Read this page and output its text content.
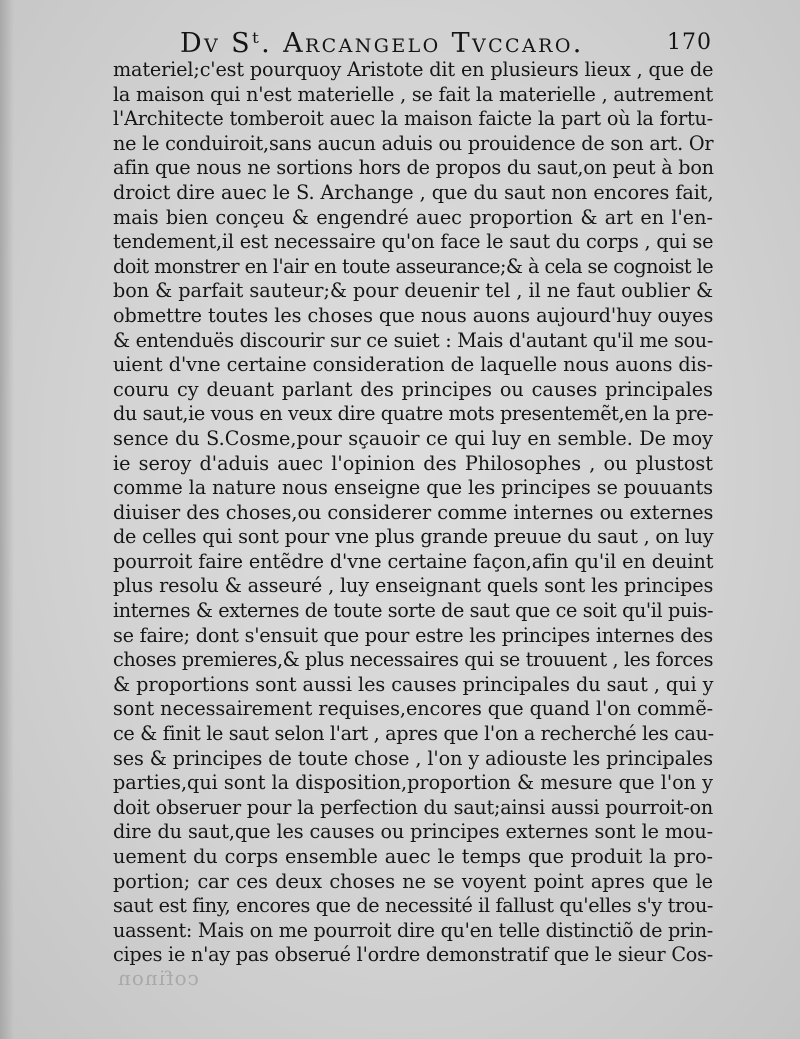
Dv Sᵗ. Arcangelo Tvccaro.	170
materiel;c'est pourquoy Aristote dit en plusieurs lieux , que de
la maison qui n'est materielle , se fait la materielle , autrement
l'Architecte tomberoit auec la maison faicte la part où la fortu-
ne le conduiroit,sans aucun aduis ou prouidence de son art. Or
afin que nous ne sortions hors de propos du saut,on peut à bon
droict dire auec le S. Archange , que du saut non encores fait,
mais bien conçeu & engendré auec proportion & art en l'en-
tendement,il est necessaire qu'on face le saut du corps , qui se
doit monstrer en l'air en toute asseurance;& à cela se cognoist le
bon & parfait sauteur;& pour deuenir tel , il ne faut oublier &
obmettre toutes les choses que nous auons aujourd'huy ouyes
& entenduës discourir sur ce suiet : Mais d'autant qu'il me sou-
uient d'vne certaine consideration de laquelle nous auons dis-
couru cy deuant parlant des principes ou causes principales
du saut,ie vous en veux dire quatre mots presentemẽt,en la pre-
sence du S.Cosme,pour sçauoir ce qui luy en semble. De moy
ie seroy d'aduis auec l'opinion des Philosophes , ou plustost
comme la nature nous enseigne que les principes se pouuants
diuiser des choses,ou considerer comme internes ou externes
de celles qui sont pour vne plus grande preuue du saut , on luy
pourroit faire entẽdre d'vne certaine façon,afin qu'il en deuint
plus resolu & asseuré , luy enseignant quels sont les principes
internes & externes de toute sorte de saut que ce soit qu'il puis-
se faire; dont s'ensuit que pour estre les principes internes des
choses premieres,& plus necessaires qui se trouuent , les forces
& proportions sont aussi les causes principales du saut , qui y
sont necessairement requises,encores que quand l'on commẽ-
ce & finit le saut selon l'art , apres que l'on a recherché les cau-
ses & principes de toute chose , l'on y adiouste les principales
parties,qui sont la disposition,proportion & mesure que l'on y
doit obseruer pour la perfection du saut;ainsi aussi pourroit-on
dire du saut,que les causes ou principes externes sont le mou-
uement du corps ensemble auec le temps que produit la pro-
portion; car ces deux choses ne se voyent point apres que le
saut est finy, encores que de necessité il fallust qu'elles s'y trou-
uassent: Mais on me pourroit dire qu'en telle distinctiõ de prin-
cipes ie n'ay pas obserué l'ordre demonstratif que le sieur Cos-
cofinon
